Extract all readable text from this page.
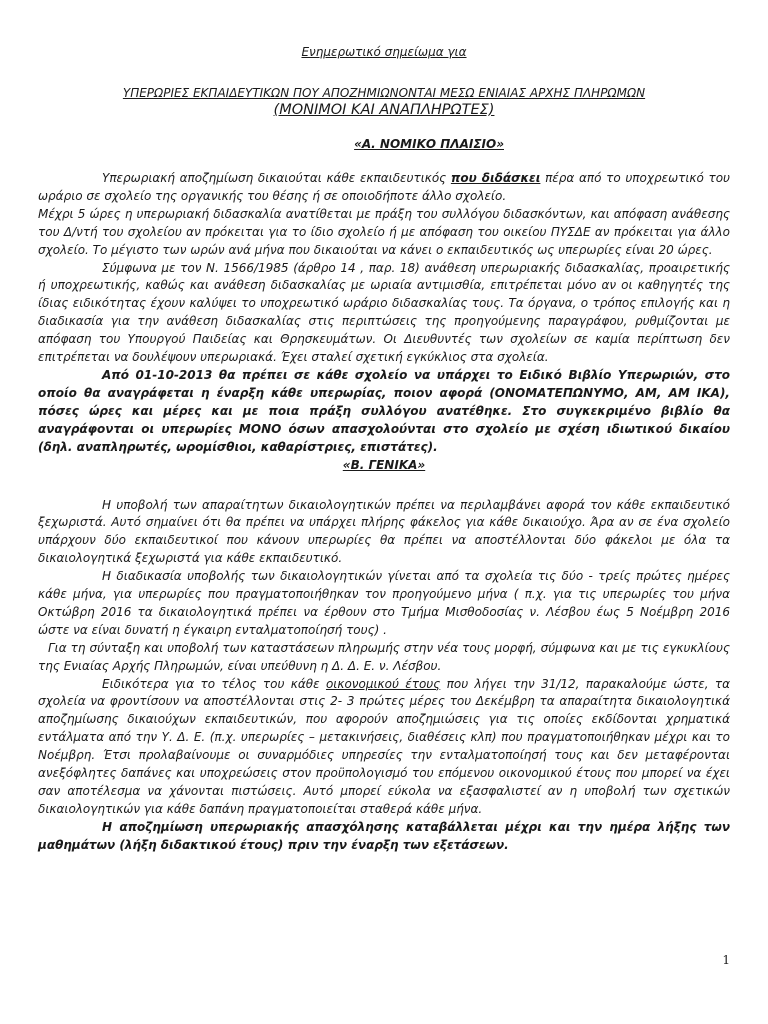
Ενημερωτικό σημείωμα για

ΥΠΕΡΩΡΙΕΣ ΕΚΠΑΙΔΕΥΤΙΚΩΝ ΠΟΥ ΑΠΟΖΗΜΙΩΝΟΝΤΑΙ ΜΕΣΩ ΕΝΙΑΙΑΣ ΑΡΧΗΣ ΠΛΗΡΩΜΩΝ

(ΜΟΝΙΜΟΙ ΚΑΙ ΑΝΑΠΛΗΡΩΤΕΣ)

«Α. ΝΟΜΙΚΟ ΠΛΑΙΣΙΟ»

Υπερωριακή αποζημίωση δικαιούται κάθε εκπαιδευτικός που διδάσκει πέρα από το υποχρεωτικό του ωράριο σε σχολείο της οργανικής του θέσης ή σε οποιοδήποτε άλλο σχολείο.

Μέχρι 5 ώρες η υπερωριακή διδασκαλία ανατίθεται με πράξη του συλλόγου διδασκόντων, και απόφαση ανάθεσης του Δ/ντή του σχολείου αν πρόκειται για το ίδιο σχολείο ή με απόφαση του οικείου ΠΥΣΔΕ αν πρόκειται για άλλο σχολείο. Το μέγιστο των ωρών ανά μήνα που δικαιούται να κάνει ο εκπαιδευτικός ως υπερωρίες είναι 20 ώρες.

Σύμφωνα με τον Ν. 1566/1985 (άρθρο 14 , παρ. 18) ανάθεση υπερωριακής διδασκαλίας, προαιρετικής ή υποχρεωτικής, καθώς και ανάθεση διδασκαλίας με ωριαία αντιμισθία, επιτρέπεται μόνο αν οι καθηγητές της ίδιας ειδικότητας έχουν καλύψει το υποχρεωτικό ωράριο διδασκαλίας τους. Τα όργανα, ο τρόπος επιλογής και η διαδικασία για την ανάθεση διδασκαλίας στις περιπτώσεις της προηγούμενης παραγράφου, ρυθμίζονται με απόφαση του Υπουργού Παιδείας και Θρησκευμάτων. Οι Διευθυντές των σχολείων σε καμία περίπτωση δεν επιτρέπεται να δουλέψουν υπερωριακά. Έχει σταλεί σχετική εγκύκλιος στα σχολεία.

Από 01-10-2013 θα πρέπει σε κάθε σχολείο να υπάρχει το Ειδικό Βιβλίο Υπερωριών, στο οποίο θα αναγράφεται η έναρξη κάθε υπερωρίας, ποιον αφορά (ΟΝΟΜΑΤΕΠΩΝΥΜΟ, ΑΜ, ΑΜ ΙΚΑ), πόσες ώρες και μέρες και με ποια πράξη συλλόγου ανατέθηκε. Στο συγκεκριμένο βιβλίο θα αναγράφονται οι υπερωρίες ΜΟΝΟ όσων απασχολούνται στο σχολείο με σχέση ιδιωτικού δικαίου (δηλ. αναπληρωτές, ωρομίσθιοι, καθαρίστριες, επιστάτες).

«Β. ΓΕΝΙΚΑ»

Η υποβολή των απαραίτητων δικαιολογητικών πρέπει να περιλαμβάνει αφορά τον κάθε εκπαιδευτικό ξεχωριστά. Αυτό σημαίνει ότι θα πρέπει να υπάρχει πλήρης φάκελος για κάθε δικαιούχο. Άρα αν σε ένα σχολείο υπάρχουν δύο εκπαιδευτικοί που κάνουν υπερωρίες θα πρέπει να αποστέλλονται δύο φάκελοι με όλα τα δικαιολογητικά ξεχωριστά για κάθε εκπαιδευτικό.

Η διαδικασία υποβολής των δικαιολογητικών γίνεται από τα σχολεία τις δύο - τρείς πρώτες ημέρες κάθε μήνα, για υπερωρίες που πραγματοποιήθηκαν τον προηγούμενο μήνα ( π.χ. για τις υπερωρίες του μήνα Οκτώβρη 2016 τα δικαιολογητικά πρέπει να έρθουν στο Τμήμα Μισθοδοσίας ν. Λέσβου έως 5 Νοέμβρη 2016 ώστε να είναι δυνατή η έγκαιρη ενταλματοποίησή τους) .

Για τη σύνταξη και υποβολή των καταστάσεων πληρωμής στην νέα τους μορφή, σύμφωνα και με τις εγκυκλίους της Ενιαίας Αρχής Πληρωμών, είναι υπεύθυνη η Δ. Δ. Ε. ν. Λέσβου.

Ειδικότερα για το τέλος του κάθε οικονομικού έτους που λήγει την 31/12, παρακαλούμε ώστε, τα σχολεία να φροντίσουν να αποστέλλονται στις 2- 3 πρώτες μέρες του Δεκέμβρη τα απαραίτητα δικαιολογητικά αποζημίωσης δικαιούχων εκπαιδευτικών, που αφορούν αποζημιώσεις για τις οποίες εκδίδονται χρηματικά εντάλματα από την Υ. Δ. Ε. (π.χ. υπερωρίες – μετακινήσεις, διαθέσεις κλπ) που πραγματοποιήθηκαν μέχρι και το Νοέμβρη. Έτσι προλαβαίνουμε οι συναρμόδιες υπηρεσίες την ενταλματοποίησή τους και δεν μεταφέρονται ανεξόφλητες δαπάνες και υποχρεώσεις στον προϋπολογισμό του επόμενου οικονομικού έτους που μπορεί να έχει σαν αποτέλεσμα να χάνονται πιστώσεις. Αυτό μπορεί εύκολα να εξασφαλιστεί αν η υποβολή των σχετικών δικαιολογητικών για κάθε δαπάνη πραγματοποιείται σταθερά κάθε μήνα.

Η αποζημίωση υπερωριακής απασχόλησης καταβάλλεται μέχρι και την ημέρα λήξης των μαθημάτων (λήξη διδακτικού έτους) πριν την έναρξη των εξετάσεων.

1
